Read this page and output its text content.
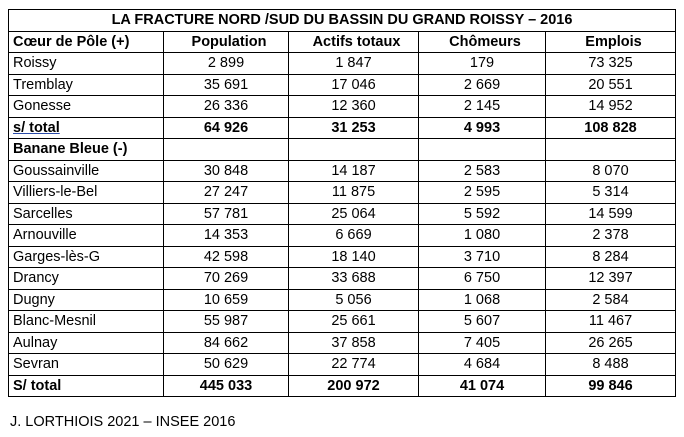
LA FRACTURE NORD /SUD DU BASSIN DU GRAND ROISSY – 2016				
Cœur de Pôle (+)	Population	Actifs totaux	Chômeurs	Emplois
Roissy	2 899	1 847	179	73 325
Tremblay	35 691	17 046	2 669	20 551
Gonesse	26 336	12 360	2 145	14 952
s/ total	64 926	31 253	4 993	108 828
Banane Bleue (-)				
Goussainville	30 848	14 187	2 583	8 070
Villiers-le-Bel	27 247	11 875	2 595	5 314
Sarcelles	57 781	25 064	5 592	14 599
Arnouville	14 353	6 669	1 080	2 378
Garges-lès-G	42 598	18 140	3 710	8 284
Drancy	70 269	33 688	6 750	12 397
Dugny	10 659	5 056	1 068	2 584
Blanc-Mesnil	55 987	25 661	5 607	11 467
Aulnay	84 662	37 858	7 405	26 265
Sevran	50 629	22 774	4 684	8 488
S/ total	445 033	200 972	41 074	99 846
J. LORTHIOIS 2021 – INSEE 2016
